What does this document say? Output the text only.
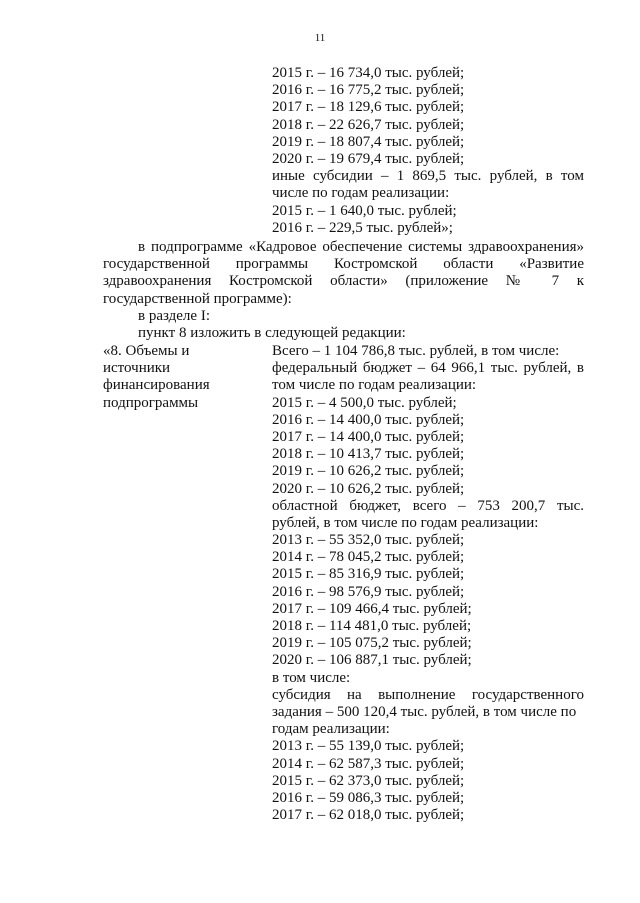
11
2015 г. – 16 734,0 тыс. рублей;
2016 г. – 16 775,2 тыс. рублей;
2017 г. – 18 129,6 тыс. рублей;
2018 г. – 22 626,7 тыс. рублей;
2019 г. – 18 807,4 тыс. рублей;
2020 г. – 19 679,4 тыс. рублей;
иные субсидии – 1 869,5 тыс. рублей, в том
числе по годам реализации:
2015 г. – 1 640,0 тыс. рублей;
2016 г. – 229,5 тыс. рублей»;
в подпрограмме «Кадровое обеспечение системы здравоохранения»
государственной программы Костромской области «Развитие
здравоохранения Костромской области» (приложение № 7 к
государственной программе):
в разделе I:
пункт 8 изложить в следующей редакции:
«8. Объемы и
источники
финансирования
подпрограммы
Всего – 1 104 786,8 тыс. рублей, в том числе:
федеральный бюджет – 64 966,1 тыс. рублей, в
том числе по годам реализации:
2015 г. – 4 500,0 тыс. рублей;
2016 г. – 14 400,0 тыс. рублей;
2017 г. – 14 400,0 тыс. рублей;
2018 г. – 10 413,7 тыс. рублей;
2019 г. – 10 626,2 тыс. рублей;
2020 г. – 10 626,2 тыс. рублей;
областной бюджет, всего – 753 200,7 тыс.
рублей, в том числе по годам реализации:
2013 г. – 55 352,0 тыс. рублей;
2014 г. – 78 045,2 тыс. рублей;
2015 г. – 85 316,9 тыс. рублей;
2016 г. – 98 576,9 тыс. рублей;
2017 г. – 109 466,4 тыс. рублей;
2018 г. – 114 481,0 тыс. рублей;
2019 г. – 105 075,2 тыс. рублей;
2020 г. – 106 887,1 тыс. рублей;
в том числе:
субсидия на выполнение государственного
задания – 500 120,4 тыс. рублей, в том числе по
годам реализации:
2013 г. – 55 139,0 тыс. рублей;
2014 г. – 62 587,3 тыс. рублей;
2015 г. – 62 373,0 тыс. рублей;
2016 г. – 59 086,3 тыс. рублей;
2017 г. – 62 018,0 тыс. рублей;
